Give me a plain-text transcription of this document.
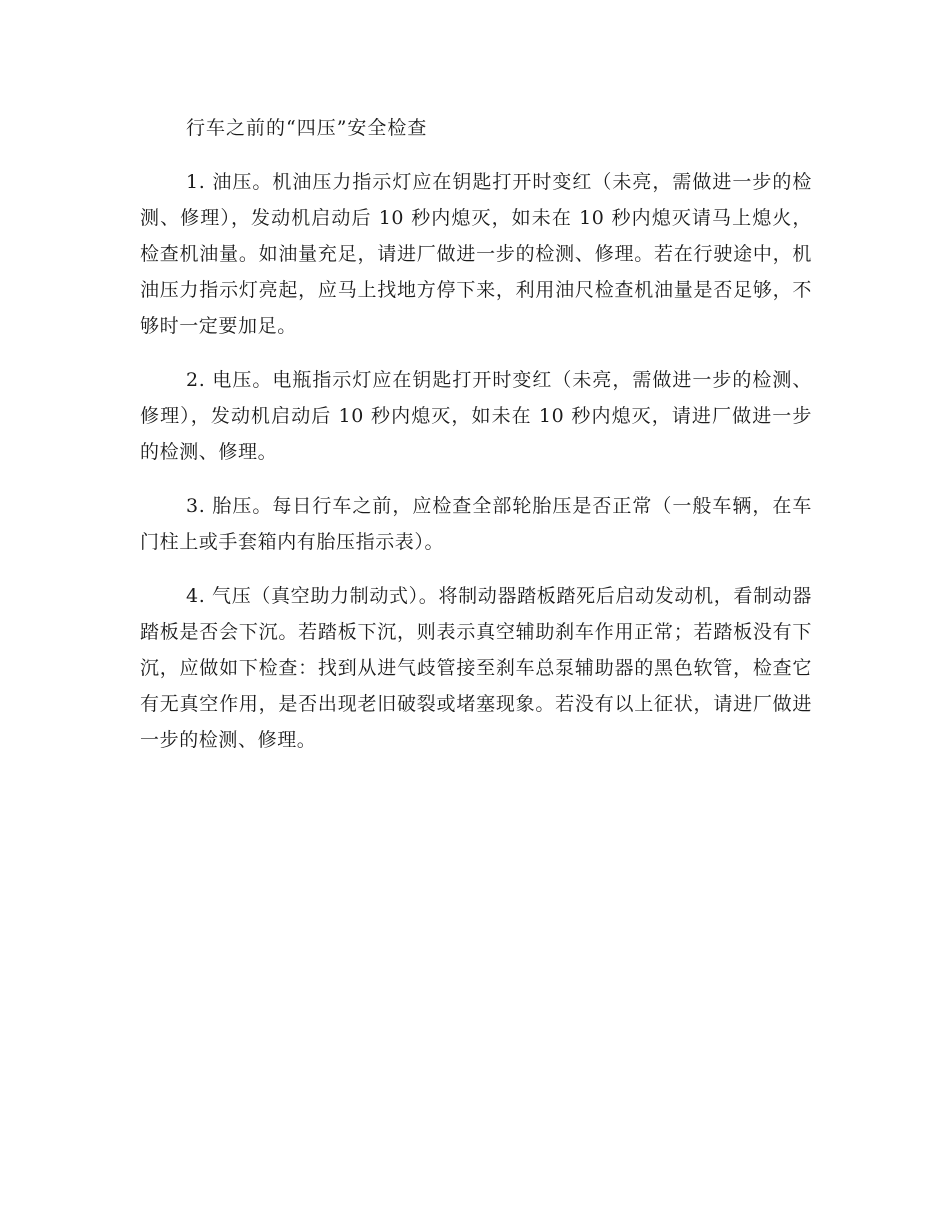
行车之前的“四压”安全检查

1. 油压。机油压力指示灯应在钥匙打开时变红（未亮，需做进一步的检测、修理），发动机启动后 10 秒内熄灭，如未在 10 秒内熄灭请马上熄火，检查机油量。如油量充足，请进厂做进一步的检测、修理。若在行驶途中，机油压力指示灯亮起，应马上找地方停下来，利用油尺检查机油量是否足够，不够时一定要加足。

2. 电压。电瓶指示灯应在钥匙打开时变红（未亮，需做进一步的检测、修理），发动机启动后 10 秒内熄灭，如未在 10 秒内熄灭，请进厂做进一步的检测、修理。

3. 胎压。每日行车之前，应检查全部轮胎压是否正常（一般车辆，在车门柱上或手套箱内有胎压指示表）。

4. 气压（真空助力制动式）。将制动器踏板踏死后启动发动机，看制动器踏板是否会下沉。若踏板下沉，则表示真空辅助刹车作用正常；若踏板没有下沉，应做如下检查：找到从进气歧管接至刹车总泵辅助器的黑色软管，检查它有无真空作用，是否出现老旧破裂或堵塞现象。若没有以上征状，请进厂做进一步的检测、修理。
